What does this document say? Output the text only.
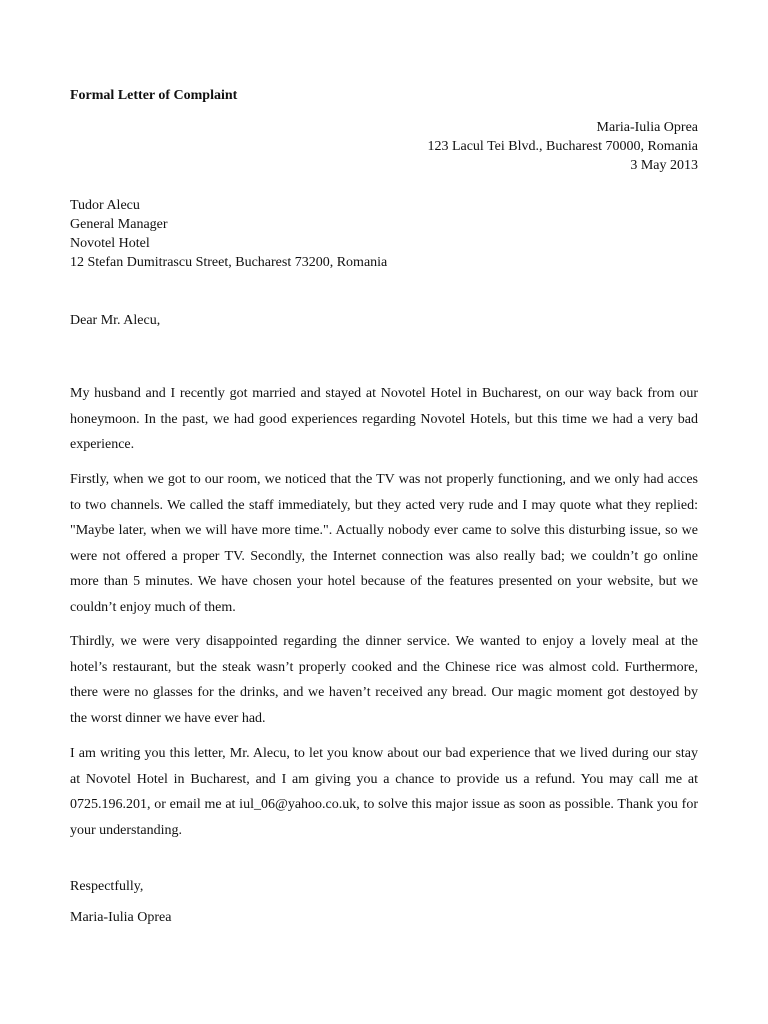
Formal Letter of Complaint
Maria-Iulia Oprea
123 Lacul Tei Blvd., Bucharest 70000, Romania
3 May 2013
Tudor Alecu
General Manager
Novotel Hotel
12 Stefan Dumitrascu Street, Bucharest 73200, Romania
Dear Mr. Alecu,
My husband and I recently got married and stayed at Novotel Hotel in Bucharest, on our way back from our honeymoon. In the past, we had good experiences regarding Novotel Hotels, but this time we had a very bad experience.
Firstly, when we got to our room, we noticed that the TV was not properly functioning, and we only had acces to two channels. We called the staff immediately, but they acted very rude and I may quote what they replied: "Maybe later, when we will have more time.". Actually nobody ever came to solve this disturbing issue, so we were not offered a proper TV. Secondly, the Internet connection was also really bad; we couldn’t go online more than 5 minutes. We have chosen your hotel because of the features presented on your website, but we couldn’t enjoy much of them.
Thirdly, we were very disappointed regarding the dinner service. We wanted to enjoy a lovely meal at the hotel’s restaurant, but the steak wasn’t properly cooked and the Chinese rice was almost cold. Furthermore, there were no glasses for the drinks, and we haven’t received any bread. Our magic moment got destoyed by the worst dinner we have ever had.
I am writing you this letter, Mr. Alecu, to let you know about our bad experience that we lived during our stay at Novotel Hotel in Bucharest, and I am giving you a chance to provide us a refund. You may call me at 0725.196.201, or email me at iul_06@yahoo.co.uk, to solve this major issue as soon as possible. Thank you for your understanding.
Respectfully,
Maria-Iulia Oprea
